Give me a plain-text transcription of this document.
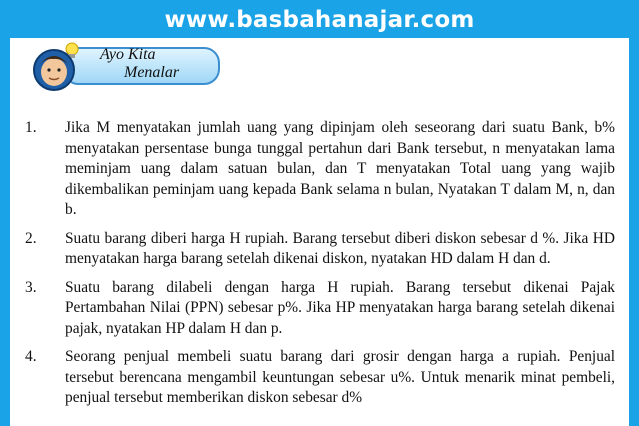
www.basbahanajar.com
Ayo Kita
Menalar
1.	Jika M menyatakan jumlah uang yang dipinjam oleh seseorang dari suatu Bank, b% menyatakan persentase bunga tunggal pertahun dari Bank tersebut, n menyatakan lama meminjam uang dalam satuan bulan, dan T menyatakan Total uang yang wajib dikembalikan peminjam uang kepada Bank selama n bulan, Nyatakan T dalam M, n, dan b.
2.	Suatu barang diberi harga H rupiah. Barang tersebut diberi diskon sebesar d %. Jika HD menyatakan harga barang setelah dikenai diskon, nyatakan HD dalam H dan d.
3.	Suatu barang dilabeli dengan harga H rupiah. Barang tersebut dikenai Pajak Pertambahan Nilai (PPN) sebesar p%. Jika HP menyatakan harga barang setelah dikenai pajak, nyatakan HP dalam H dan p.
4.	Seorang penjual membeli suatu barang dari grosir dengan harga a rupiah. Penjual tersebut berencana mengambil keuntungan sebesar u%. Untuk menarik minat pembeli, penjual tersebut memberikan diskon sebesar d%
